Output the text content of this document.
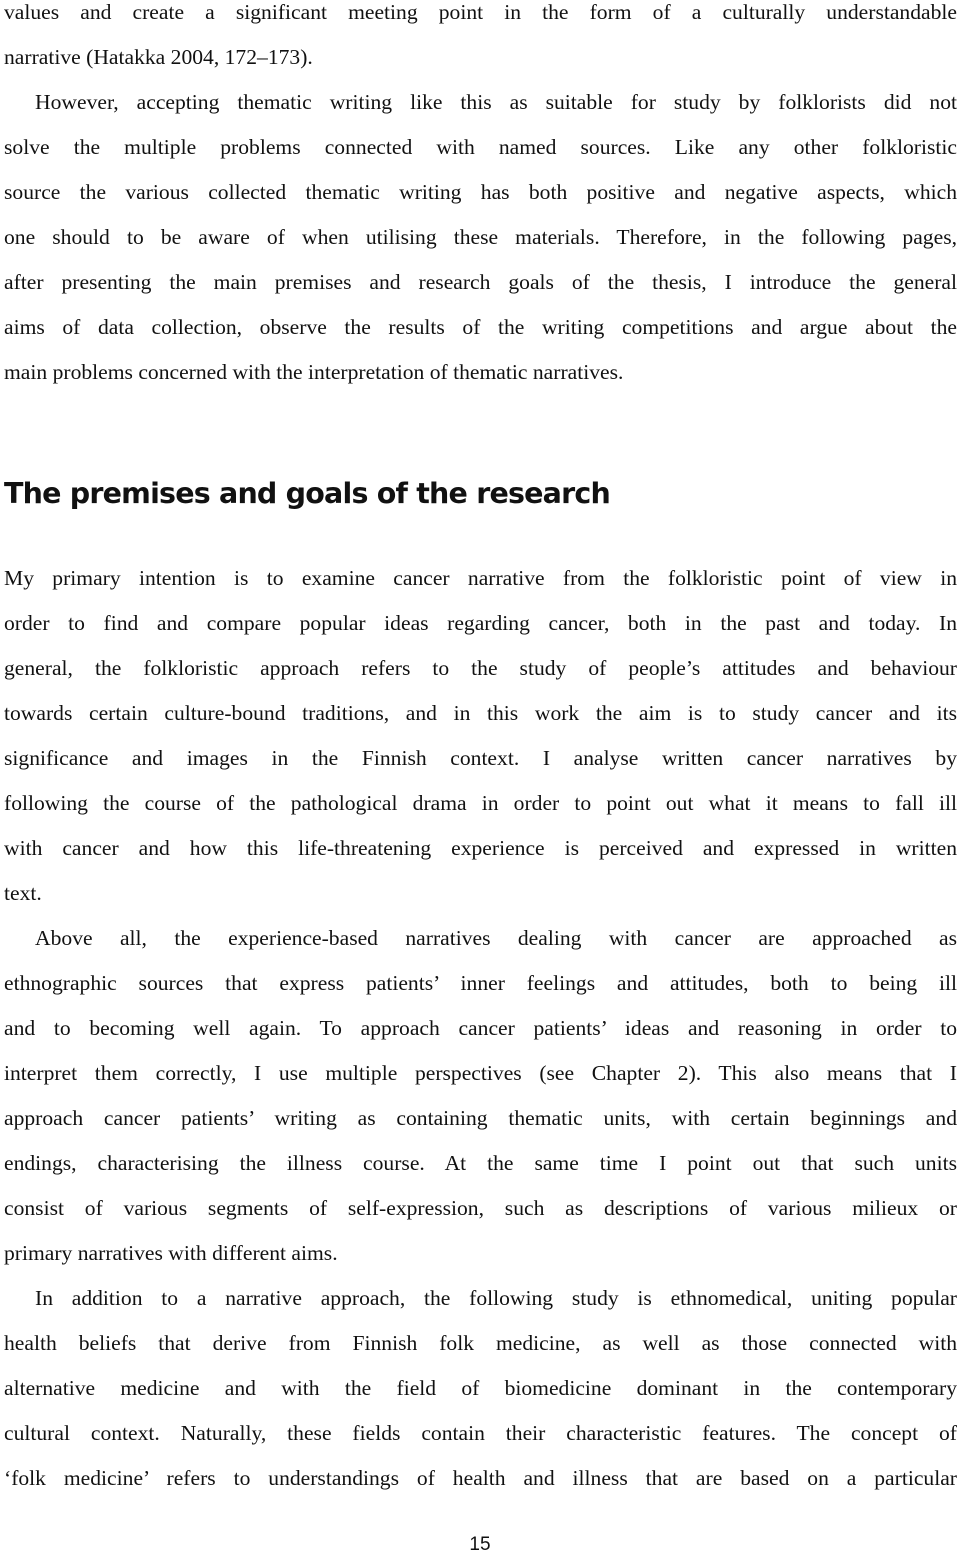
values and create a significant meeting point in the form of a culturally understandable
narrative (Hatakka 2004, 172–173).
However, accepting thematic writing like this as suitable for study by folklorists did not
solve the multiple problems connected with named sources. Like any other folkloristic
source the various collected thematic writing has both positive and negative aspects, which
one should to be aware of when utilising these materials. Therefore, in the following pages,
after presenting the main premises and research goals of the thesis, I introduce the general
aims of data collection, observe the results of the writing competitions and argue about the
main problems concerned with the interpretation of thematic narratives.
The premises and goals of the research
My primary intention is to examine cancer narrative from the folkloristic point of view in
order to find and compare popular ideas regarding cancer, both in the past and today. In
general, the folkloristic approach refers to the study of people’s attitudes and behaviour
towards certain culture-bound traditions, and in this work the aim is to study cancer and its
significance and images in the Finnish context. I analyse written cancer narratives by
following the course of the pathological drama in order to point out what it means to fall ill
with cancer and how this life-threatening experience is perceived and expressed in written
text.
Above all, the experience-based narratives dealing with cancer are approached as
ethnographic sources that express patients’ inner feelings and attitudes, both to being ill
and to becoming well again. To approach cancer patients’ ideas and reasoning in order to
interpret them correctly, I use multiple perspectives (see Chapter 2). This also means that I
approach cancer patients’ writing as containing thematic units, with certain beginnings and
endings, characterising the illness course. At the same time I point out that such units
consist of various segments of self-expression, such as descriptions of various milieux or
primary narratives with different aims.
In addition to a narrative approach, the following study is ethnomedical, uniting popular
health beliefs that derive from Finnish folk medicine, as well as those connected with
alternative medicine and with the field of biomedicine dominant in the contemporary
cultural context. Naturally, these fields contain their characteristic features. The concept of
‘folk medicine’ refers to understandings of health and illness that are based on a particular
15
